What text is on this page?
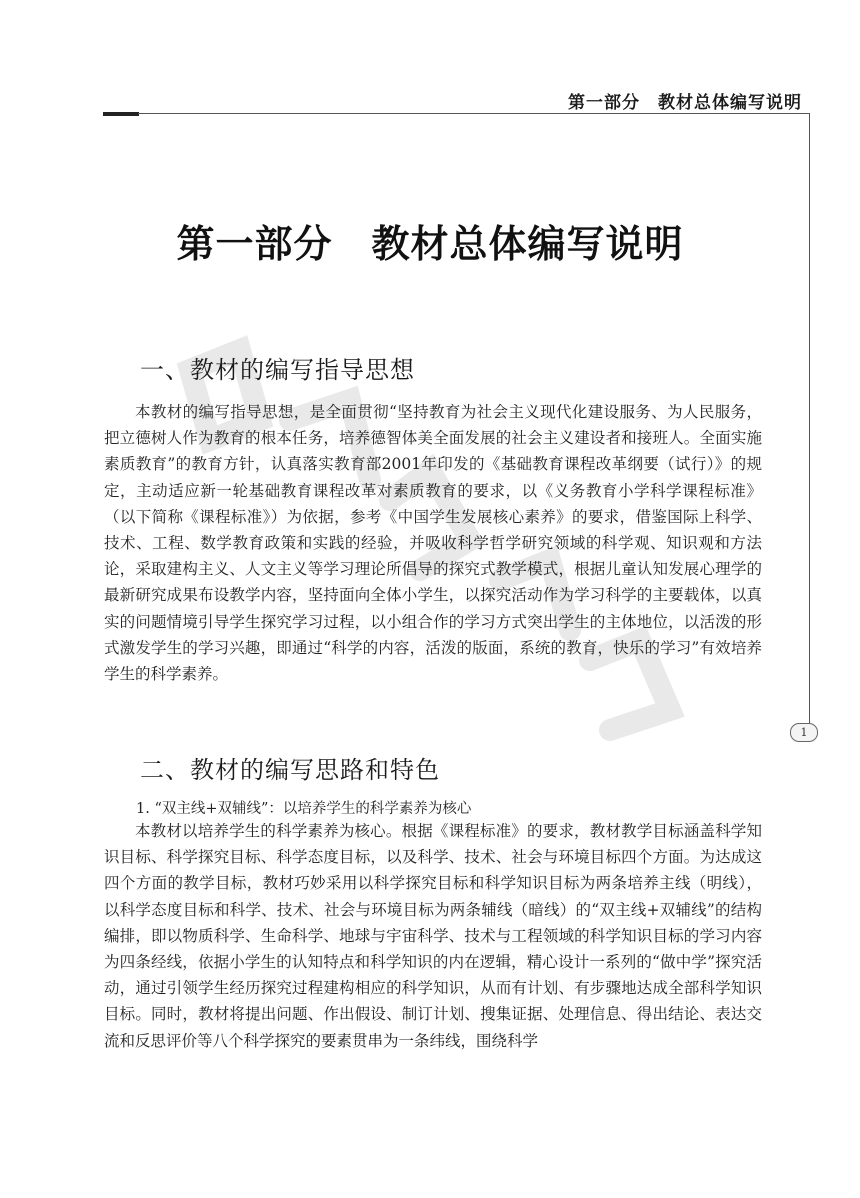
第一部分　教材总体编写说明
1
第一部分　教材总体编写说明
一、教材的编写指导思想

本教材的编写指导思想，是全面贯彻“坚持教育为社会主义现代化建设服务、为人民服务，把立德树人作为教育的根本任务，培养德智体美全面发展的社会主义建设者和接班人。全面实施素质教育”的教育方针，认真落实教育部2001年印发的《基础教育课程改革纲要（试行）》的规定，主动适应新一轮基础教育课程改革对素质教育的要求，以《义务教育小学科学课程标准》（以下简称《课程标准》）为依据，参考《中国学生发展核心素养》的要求，借鉴国际上科学、技术、工程、数学教育政策和实践的经验，并吸收科学哲学研究领域的科学观、知识观和方法论，采取建构主义、人文主义等学习理论所倡导的探究式教学模式，根据儿童认知发展心理学的最新研究成果布设教学内容，坚持面向全体小学生，以探究活动作为学习科学的主要载体，以真实的问题情境引导学生探究学习过程，以小组合作的学习方式突出学生的主体地位，以活泼的形式激发学生的学习兴趣，即通过“科学的内容，活泼的版面，系统的教育，快乐的学习”有效培养学生的科学素养。

二、教材的编写思路和特色
1. “双主线+双辅线”：以培养学生的科学素养为核心

本教材以培养学生的科学素养为核心。根据《课程标准》的要求，教材教学目标涵盖科学知识目标、科学探究目标、科学态度目标，以及科学、技术、社会与环境目标四个方面。为达成这四个方面的教学目标，教材巧妙采用以科学探究目标和科学知识目标为两条培养主线（明线），以科学态度目标和科学、技术、社会与环境目标为两条辅线（暗线）的“双主线+双辅线”的结构编排，即以物质科学、生命科学、地球与宇宙科学、技术与工程领域的科学知识目标的学习内容为四条经线，依据小学生的认知特点和科学知识的内在逻辑，精心设计一系列的“做中学”探究活动，通过引领学生经历探究过程建构相应的科学知识，从而有计划、有步骤地达成全部科学知识目标。同时，教材将提出问题、作出假设、制订计划、搜集证据、处理信息、得出结论、表达交流和反思评价等八个科学探究的要素贯串为一条纬线，围绕科学
